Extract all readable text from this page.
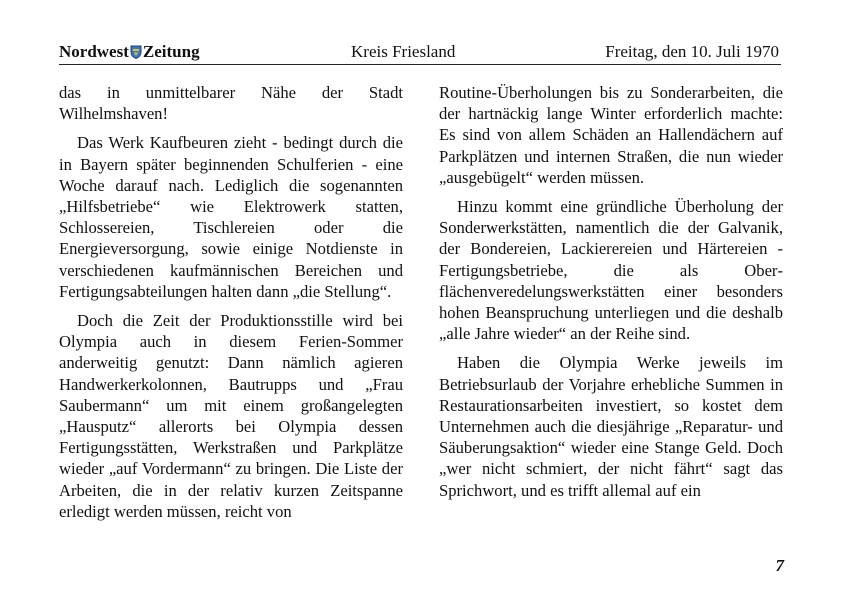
Nordwest Zeitung	Kreis Friesland	Freitag, den 10. Juli 1970

das in unmittelbarer Nähe der Stadt Wilhelmshaven!

Das Werk Kaufbeuren zieht - bedingt durch die in Bayern später beginnenden Schulferien - eine Woche darauf nach. Lediglich die sogenannten „Hilfsbetriebe“ wie Elektrowerk statten, Schlossereien, Tischlereien oder die Energieversorgung, sowie einige Notdienste in verschiedenen kaufmännischen Bereichen und Fertigungsabteilungen halten dann „die Stellung“.

Doch die Zeit der Produktionsstille wird bei Olympia auch in diesem Ferien-Sommer anderweitig genutzt: Dann nämlich agieren Handwerkerkolonnen, Bautrupps und „Frau Saubermann“ um mit einem großangelegten „Hausputz“ allerorts bei Olympia dessen Fertigungsstätten, Werkstraßen und Parkplätze wieder „auf Vordermann“ zu bringen. Die Liste der Arbeiten, die in der relativ kurzen Zeitspanne erledigt werden müssen, reicht von

Routine-Überholungen bis zu Sonderarbeiten, die der hartnäckig lange Winter erforderlich machte: Es sind von allem Schäden an Hallendächern auf Parkplätzen und internen Straßen, die nun wieder „ausgebügelt“ werden müssen.

Hinzu kommt eine gründliche Überholung der Sonderwerkstätten, namentlich die der Galvanik, der Bondereien, Lackierereien und Härtereien - Fertigungsbetriebe, die als Oberflächenveredelungswerkstätten einer besonders hohen Beanspruchung unterliegen und die deshalb „alle Jahre wieder“ an der Reihe sind.

Haben die Olympia Werke jeweils im Betriebsurlaub der Vorjahre erhebliche Summen in Restaurationsarbeiten investiert, so kostet dem Unternehmen auch die diesjährige „Reparatur- und Säuberungsaktion“ wieder eine Stange Geld. Doch „wer nicht schmiert, der nicht fährt“ sagt das Sprichwort, und es trifft allemal auf ein

7
